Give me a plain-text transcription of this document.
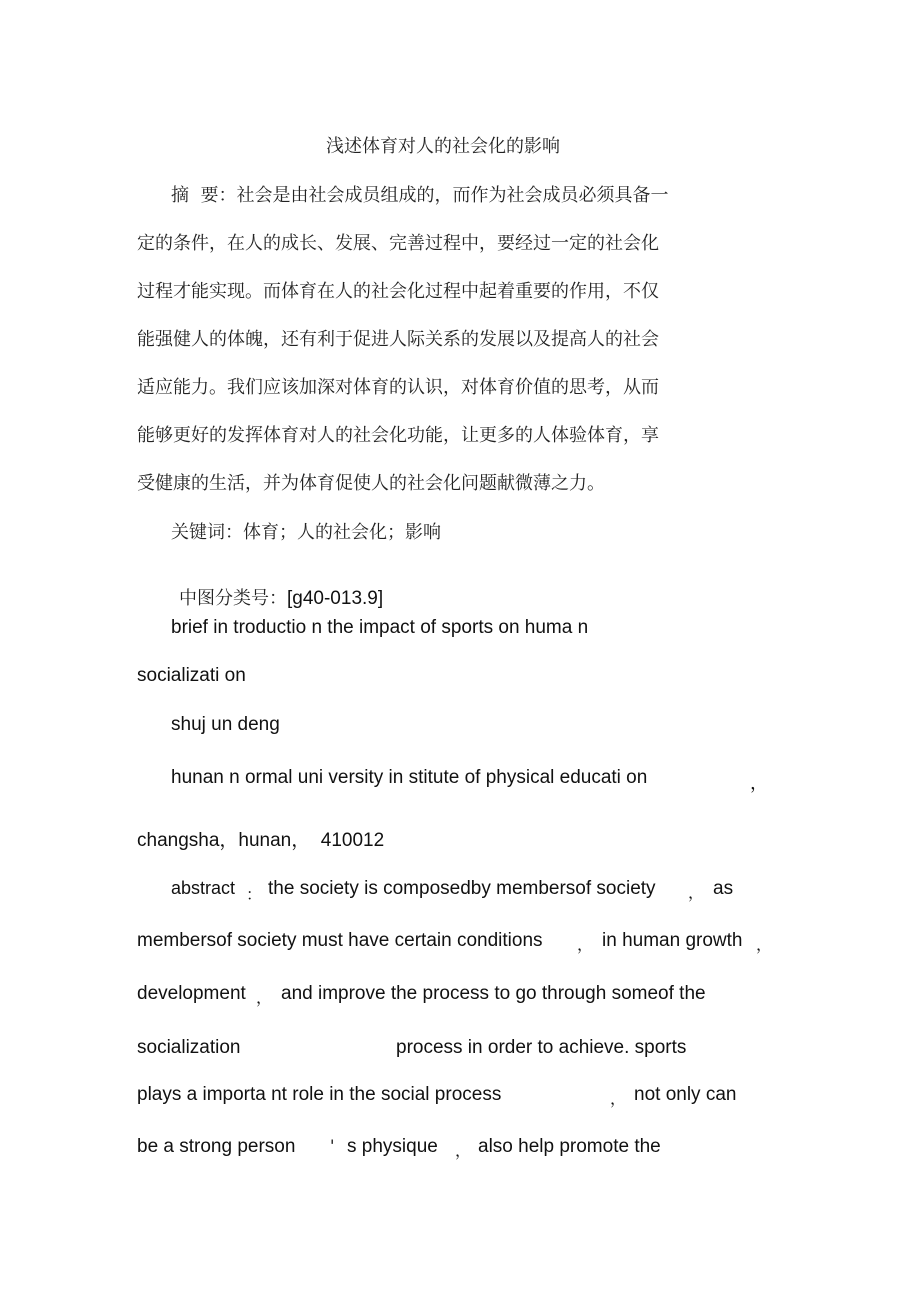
浅述体育对人的社会化的影响
摘  要：社会是由社会成员组成的，而作为社会成员必须具备一
定的条件，在人的成长、发展、完善过程中，要经过一定的社会化
过程才能实现。而体育在人的社会化过程中起着重要的作用，不仅
能强健人的体魄，还有利于促进人际关系的发展以及提高人的社会
适应能力。我们应该加深对体育的认识，对体育价值的思考，从而
能够更好的发挥体育对人的社会化功能，让更多的人体验体育，享
受健康的生活，并为体育促使人的社会化问题献微薄之力。
关键词：体育；人的社会化；影响

中图分类号：[g40-013.9]

brief in troductio n the impact of sports on huma n
socializati on
shuj un deng
hunan n ormal uni versity in stitute of physical educati on	，
changsha，hunan，  410012
abstract ： the society is composedby membersof society ， as
membersof society must have certain conditions ， in human growth ，
development ， and improve the process to go through someof the
socialization	process in order to achieve. sports
plays a importa nt role in the social process	， not only can
be a strong person ' s physique ， also help promote the
